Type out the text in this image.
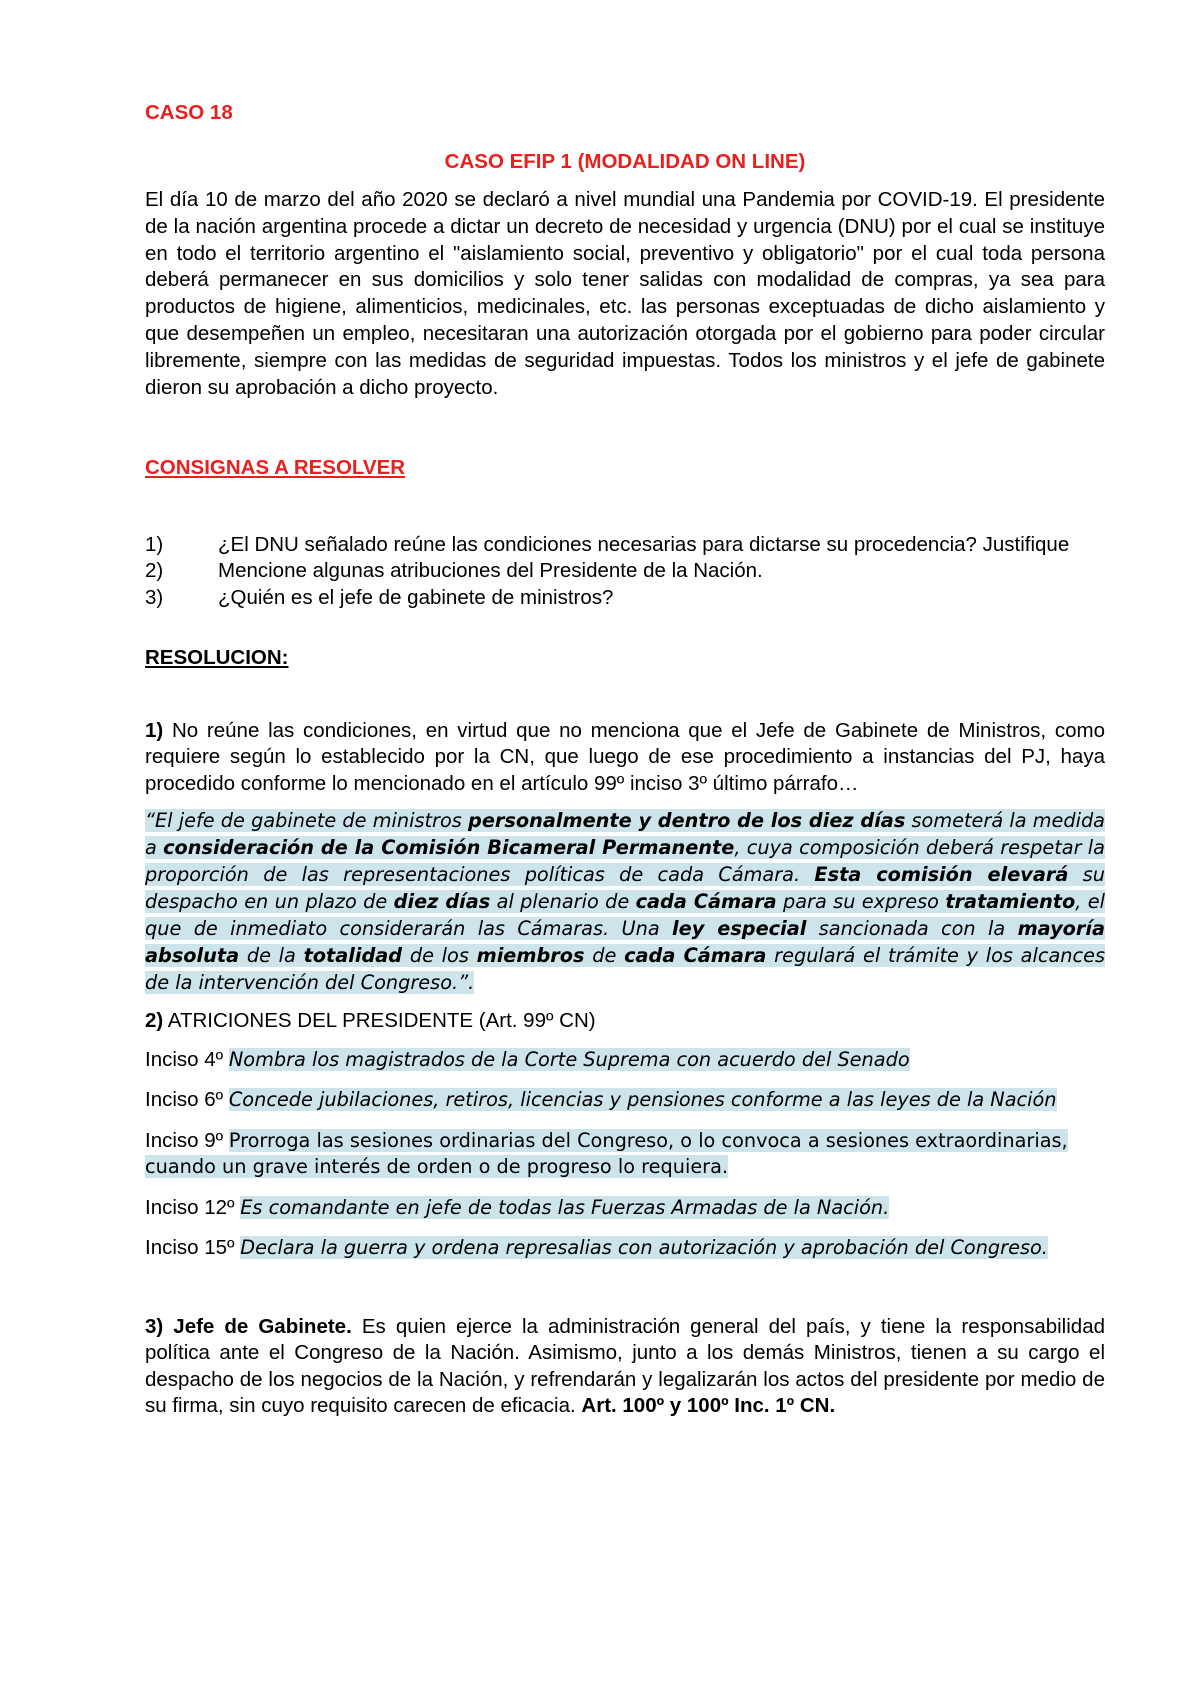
CASO 18

CASO EFIP 1 (MODALIDAD ON LINE)

El día 10 de marzo del año 2020 se declaró a nivel mundial una Pandemia por COVID-19. El presidente de la nación argentina procede a dictar un decreto de necesidad y urgencia (DNU) por el cual se instituye en todo el territorio argentino el "aislamiento social, preventivo y obligatorio" por el cual toda persona deberá permanecer en sus domicilios y solo tener salidas con modalidad de compras, ya sea para productos de higiene, alimenticios, medicinales, etc. las personas exceptuadas de dicho aislamiento y que desempeñen un empleo, necesitaran una autorización otorgada por el gobierno para poder circular libremente, siempre con las medidas de seguridad impuestas. Todos los ministros y el jefe de gabinete dieron su aprobación a dicho proyecto.

CONSIGNAS A RESOLVER

1)	¿El DNU señalado reúne las condiciones necesarias para dictarse su procedencia? Justifique

2)	Mencione algunas atribuciones del Presidente de la Nación.
3)	¿Quién es el jefe de gabinete de ministros?

RESOLUCION:

1) No reúne las condiciones, en virtud que no menciona que el Jefe de Gabinete de Ministros, como requiere según lo establecido por la CN, que luego de ese procedimiento a instancias del PJ, haya procedido conforme lo mencionado en el artículo 99º inciso 3º último párrafo…

“El jefe de gabinete de ministros personalmente y dentro de los diez días someterá la medida a consideración de la Comisión Bicameral Permanente, cuya composición deberá respetar la proporción de las representaciones políticas de cada Cámara. Esta comisión elevará su despacho en un plazo de diez días al plenario de cada Cámara para su expreso tratamiento, el que de inmediato considerarán las Cámaras. Una ley especial sancionada con la mayoría absoluta de la totalidad de los miembros de cada Cámara regulará el trámite y los alcances de la intervención del Congreso.”.

2) ATRICIONES DEL PRESIDENTE (Art. 99º CN)

Inciso 4º Nombra los magistrados de la Corte Suprema con acuerdo del Senado

Inciso 6º Concede jubilaciones, retiros, licencias y pensiones conforme a las leyes de la Nación

Inciso 9º Prorroga las sesiones ordinarias del Congreso, o lo convoca a sesiones extraordinarias, cuando un grave interés de orden o de progreso lo requiera.

Inciso 12º Es comandante en jefe de todas las Fuerzas Armadas de la Nación.

Inciso 15º Declara la guerra y ordena represalias con autorización y aprobación del Congreso.

3) Jefe de Gabinete. Es quien ejerce la administración general del país, y tiene la responsabilidad política ante el Congreso de la Nación. Asimismo, junto a los demás Ministros, tienen a su cargo el despacho de los negocios de la Nación, y refrendarán y legalizarán los actos del presidente por medio de su firma, sin cuyo requisito carecen de eficacia. Art. 100º y 100º Inc. 1º CN.
